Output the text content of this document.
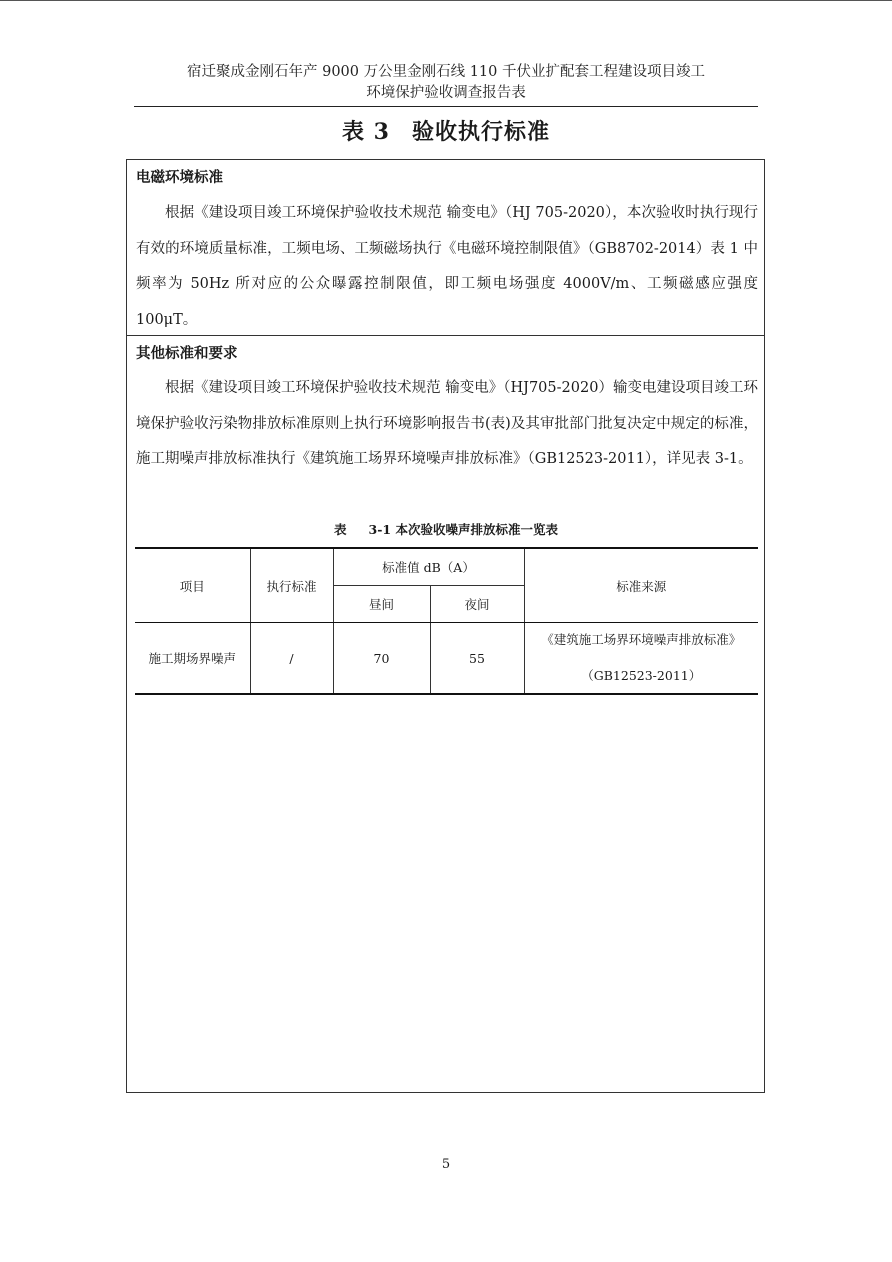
宿迁聚成金刚石年产 9000 万公里金刚石线 110 千伏业扩配套工程建设项目竣工
环境保护验收调查报告表
表 3 验收执行标准
电磁环境标准

根据《建设项目竣工环境保护验收技术规范 输变电》（HJ 705-2020），本次验收时执行现行有效的环境质量标准，工频电场、工频磁场执行《电磁环境控制限值》（GB8702-2014）表 1 中频率为 50Hz 所对应的公众曝露控制限值，即工频电场强度 4000V/m、工频磁感应强度 100μT。

其他标准和要求

根据《建设项目竣工环境保护验收技术规范 输变电》（HJ705-2020）输变电建设项目竣工环境保护验收污染物排放标准原则上执行环境影响报告书(表)及其审批部门批复决定中规定的标准，施工期噪声排放标准执行《建筑施工场界环境噪声排放标准》（GB12523-2011），详见表 3-1。

表 3-1 本次验收噪声排放标准一览表
项目	执行标准	标准值 dB（A）		标准来源
		昼间	夜间	
施工期场界噪声	/	70	55	《建筑施工场界环境噪声排放标准》
（GB12523-2011）
5
